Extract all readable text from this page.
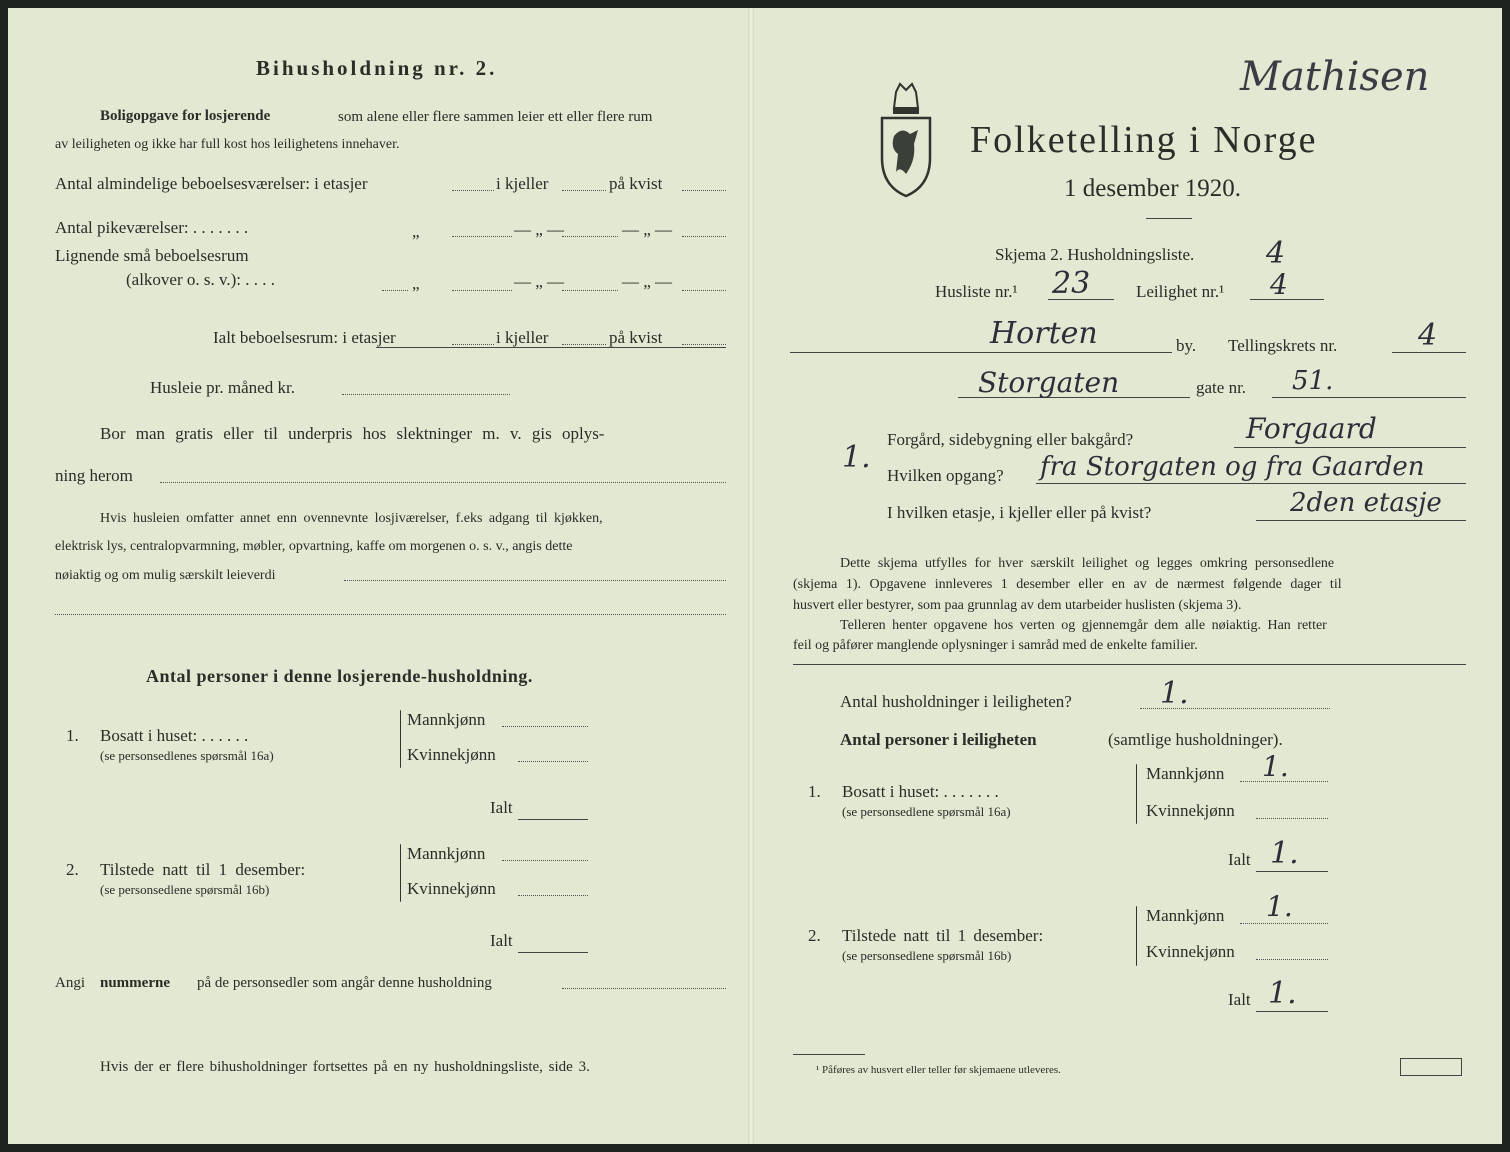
Bihusholdning nr. 2.
Boligopgave for losjerende	som alene eller flere sammen leier ett eller flere rum
av leiligheten og ikke har full kost hos leilighetens innehaver.
Antal almindelige beboelsesværelser: i etasjer	i kjeller	på kvist
Antal pikeværelser: . . . . . . .	„	— „ —	— „ —
Lignende små beboelsesrum
(alkover o. s. v.): . . . .	„	— „ —	— „ —
Ialt beboelsesrum: i etasjer	i kjeller	på kvist
Husleie pr. måned kr.
Bor man gratis eller til underpris hos slektninger m. v. gis oplys-
ning herom
Hvis husleien omfatter annet enn ovennevnte losjiværelser, f.eks adgang til kjøkken,
elektrisk lys, centralopvarmning, møbler, opvartning, kaffe om morgenen o. s. v., angis dette
nøiaktig og om mulig særskilt leieverdi
Antal personer i denne losjerende-husholdning.
1. Bosatt i huset: . . . . . .
(se personsedlenes spørsmål 16a)
Mannkjønn
Kvinnekjønn
Ialt
2. Tilstede natt til 1 desember:
(se personsedlene spørsmål 16b)
Mannkjønn
Kvinnekjønn
Ialt
Angi nummerne på de personsedler som angår denne husholdning
Hvis der er flere bihusholdninger fortsettes på en ny husholdningsliste, side 3.
Folketelling i Norge
1 desember 1920.
Skjema 2. Husholdningsliste. 4
Husliste nr.¹ 23	Leilighet nr.¹ 4
Mathisen
Horten	by. Tellingskrets nr.	4
Storgaten	gate nr. 51.
1.
Forgård, sidebygning eller bakgård?	Forgaard
Hvilken opgang? fra Storgaten og fra Gaarden
I hvilken etasje, i kjeller eller på kvist?	2den etasje
Dette skjema utfylles for hver særskilt leilighet og legges omkring personsedlene
(skjema 1). Opgavene innleveres 1 desember eller en av de nærmest følgende dager til
husvert eller bestyrer, som paa grunnlag av dem utarbeider huslisten (skjema 3).
Telleren henter opgavene hos verten og gjennemgår dem alle nøiaktig. Han retter
feil og påfører manglende oplysninger i samråd med de enkelte familier.
Antal husholdninger i leiligheten?	1.
Antal personer i leiligheten	(samtlige husholdninger).
1. Bosatt i huset: . . . . . . .
(se personsedlene spørsmål 16a)
Mannkjønn 1.
Kvinnekjønn
Ialt 1.
2. Tilstede natt til 1 desember:
(se personsedlene spørsmål 16b)
Mannkjønn 1.
Kvinnekjønn
Ialt 1.
¹ Påføres av husvert eller teller før skjemaene utleveres.
